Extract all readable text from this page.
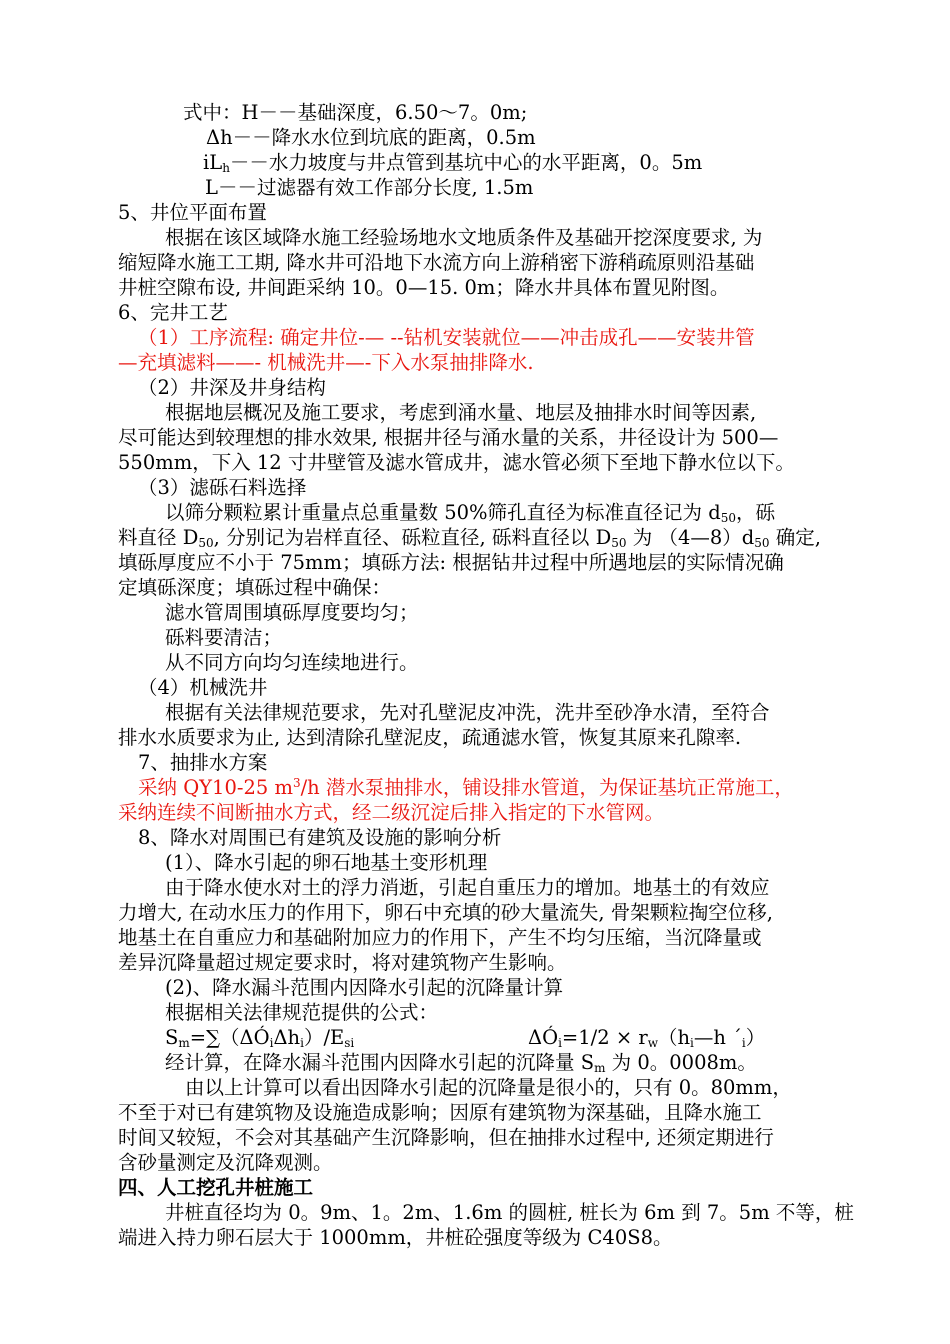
式中：H－－基础深度，6.50～7。0m;
Δh－－降水水位到坑底的距离，0.5m
$iL_h--$水力坡度与井点管到基坑中心的水平距离，0。5m
L－－过滤器有效工作部分长度, 1.5m
5、井位平面布置
根据在该区域降水施工经验场地水文地质条件及基础开挖深度要求, 为
缩短降水施工工期, 降水井可沿地下水流方向上游稍密下游稍疏原则沿基础
井桩空隙布设, 井间距采纳 10。0—15. 0m；降水井具体布置见附图。
6、完井工艺
（1）工序流程: 确定井位-— --钻机安装就位——冲击成孔——安装井管
—充填滤料——- 机械洗井—-下入水泵抽排降水.
（2）井深及井身结构
根据地层概况及施工要求，考虑到涌水量、地层及抽排水时间等因素,
尽可能达到较理想的排水效果, 根据井径与涌水量的关系，井径设计为 500—
550mm，下入 12 寸井壁管及滤水管成井，滤水管必须下至地下静水位以下。
（3）滤砾石料选择
以筛分颗粒累计重量点总重量数 50%筛孔直径为标准直径记为 $d_{50}$，砾
料直径 $D_{50}$, 分别记为岩样直径、砾粒直径, 砾料直径以 $D_{50}$ 为 $(4—8)d_{50}$ 确定,
填砾厚度应不小于 75mm；填砾方法: 根据钻井过程中所遇地层的实际情况确
定填砾深度；填砾过程中确保：
滤水管周围填砾厚度要均匀；
砾料要清洁；
从不同方向均匀连续地进行。
（4）机械洗井
根据有关法律规范要求，先对孔壁泥皮冲洗，洗井至砂净水清，至符合
排水水质要求为止, 达到清除孔壁泥皮，疏通滤水管，恢复其原来孔隙率.
7、抽排水方案
采纳 QY10-25 $m^3/h$ 潜水泵抽排水，铺设排水管道，为保证基坑正常施工，
采纳连续不间断抽水方式，经二级沉淀后排入指定的下水管网。
8、降水对周围已有建筑及设施的影响分析
(1）、降水引起的卵石地基土变形机理
由于降水使水对土的浮力消逝，引起自重压力的增加。地基土的有效应
力增大, 在动水压力的作用下，卵石中充填的砂大量流失, 骨架颗粒掏空位移,
地基土在自重应力和基础附加应力的作用下，产生不均匀压缩，当沉降量或
差异沉降量超过规定要求时，将对建筑物产生影响。
(2)、降水漏斗范围内因降水引起的沉降量计算
根据相关法律规范提供的公式：
$S_m=\sum(\Delta Ó_i\Delta h_i)/E_{si}$	$\Delta Ó_i=1/2$ × $r_w(h_i—h$ ˊ$_i$）
经计算，在降水漏斗范围内因降水引起的沉降量 $S_m$ 为 0。0008m。
由以上计算可以看出因降水引起的沉降量是很小的，只有 0。80mm，
不至于对已有建筑物及设施造成影响；因原有建筑物为深基础，且降水施工
时间又较短，不会对其基础产生沉降影响，但在抽排水过程中, 还须定期进行
含砂量测定及沉降观测。
四、人工挖孔井桩施工
井桩直径均为 0。9m、1。2m、1.6m 的圆桩, 桩长为 6m 到 7。5m 不等，桩
端进入持力卵石层大于 1000mm，井桩砼强度等级为 C40S8。
